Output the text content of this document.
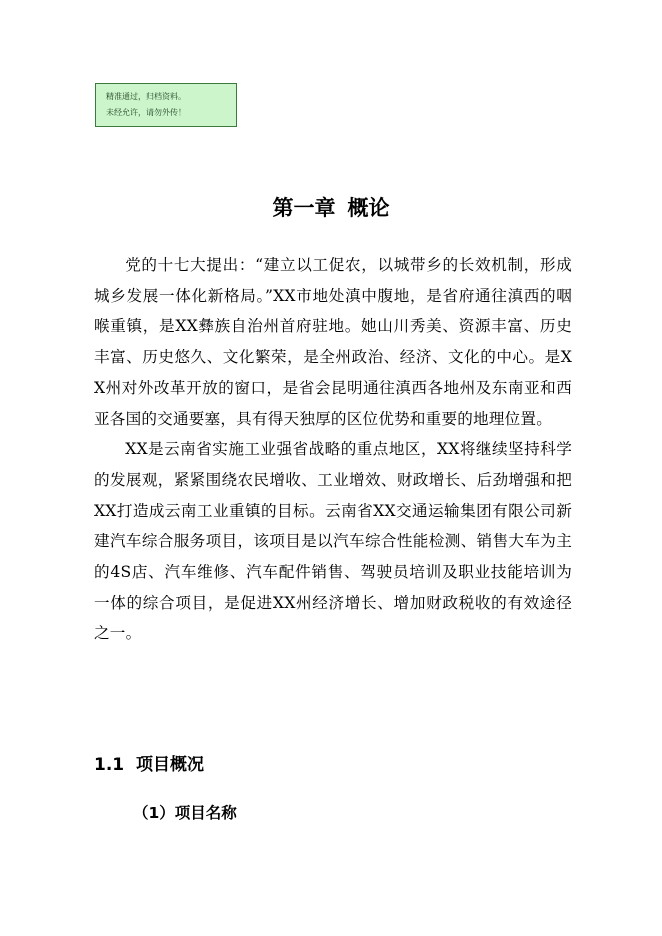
精准通过，归档资料。
未经允许，请勿外传！
第一章 概论

党的十七大提出：“建立以工促农，以城带乡的长效机制，形成城乡发展一体化新格局。”XX市地处滇中腹地，是省府通往滇西的咽喉重镇，是XX彝族自治州首府驻地。她山川秀美、资源丰富、历史丰富、历史悠久、文化繁荣，是全州政治、经济、文化的中心。是XX州对外改革开放的窗口，是省会昆明通往滇西各地州及东南亚和西亚各国的交通要塞，具有得天独厚的区位优势和重要的地理位置。

XX是云南省实施工业强省战略的重点地区，XX将继续坚持科学的发展观，紧紧围绕农民增收、工业增效、财政增长、后劲增强和把XX打造成云南工业重镇的目标。云南省XX交通运输集团有限公司新建汽车综合服务项目，该项目是以汽车综合性能检测、销售大车为主的4S店、汽车维修、汽车配件销售、驾驶员培训及职业技能培训为一体的综合项目，是促进XX州经济增长、增加财政税收的有效途径之一。

1.1 项目概况
（1）项目名称
